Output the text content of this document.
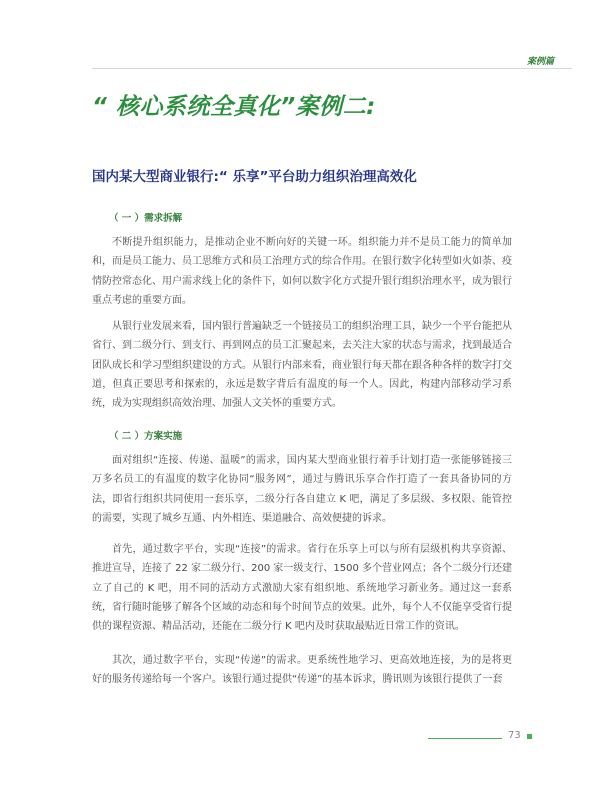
案例篇
“ 核心系统全真化”案例二:
国内某大型商业银行:“ 乐享”平台助力组织治理高效化
（ 一 ）需求拆解

不断提升组织能力，是推动企业不断向好的关键一环。组织能力并不是员工能力的简单加和，而是员工能力、员工思维方式和员工治理方式的综合作用。在银行数字化转型如火如荼、疫情防控常态化、用户需求线上化的条件下，如何以数字化方式提升银行组织治理水平，成为银行重点考虑的重要方面。

从银行业发展来看，国内银行普遍缺乏一个链接员工的组织治理工具，缺少一个平台能把从省行、到二级分行、到支行、再到网点的员工汇聚起来，去关注大家的状态与需求，找到最适合团队成长和学习型组织建设的方式。从银行内部来看，商业银行每天都在跟各种各样的数字打交道，但真正要思考和探索的，永远是数字背后有温度的每一个人。因此，构建内部移动学习系统，成为实现组织高效治理、加强人文关怀的重要方式。

（ 二 ）方案实施

面对组织“连接、传递、温暖”的需求，国内某大型商业银行着手计划打造一张能够链接三万多名员工的有温度的数字化协同“服务网”，通过与腾讯乐享合作打造了一套具备协同的方法，即省行组织共同使用一套乐享，二级分行各自建立 K 吧，满足了多层级、多权限、能管控的需要，实现了城乡互通、内外相连、渠道融合、高效便捷的诉求。

首先，通过数字平台，实现“连接”的需求。省行在乐享上可以与所有层级机构共享资源、推进宣导，连接了 22 家二级分行、200 家一级支行、1500 多个营业网点；各个二级分行还建立了自己的 K 吧，用不同的活动方式激励大家有组织地、系统地学习新业务。通过这一套系统，省行随时能够了解各个区域的动态和每个时间节点的效果。此外，每个人不仅能享受省行提供的课程资源、精品活动，还能在二级分行 K 吧内及时获取最贴近日常工作的资讯。

其次，通过数字平台，实现“传递”的需求。更系统性地学习、更高效地连接，为的是将更好的服务传递给每一个客户。该银行通过提供“传递”的基本诉求，腾讯则为该银行提供了一套

73
